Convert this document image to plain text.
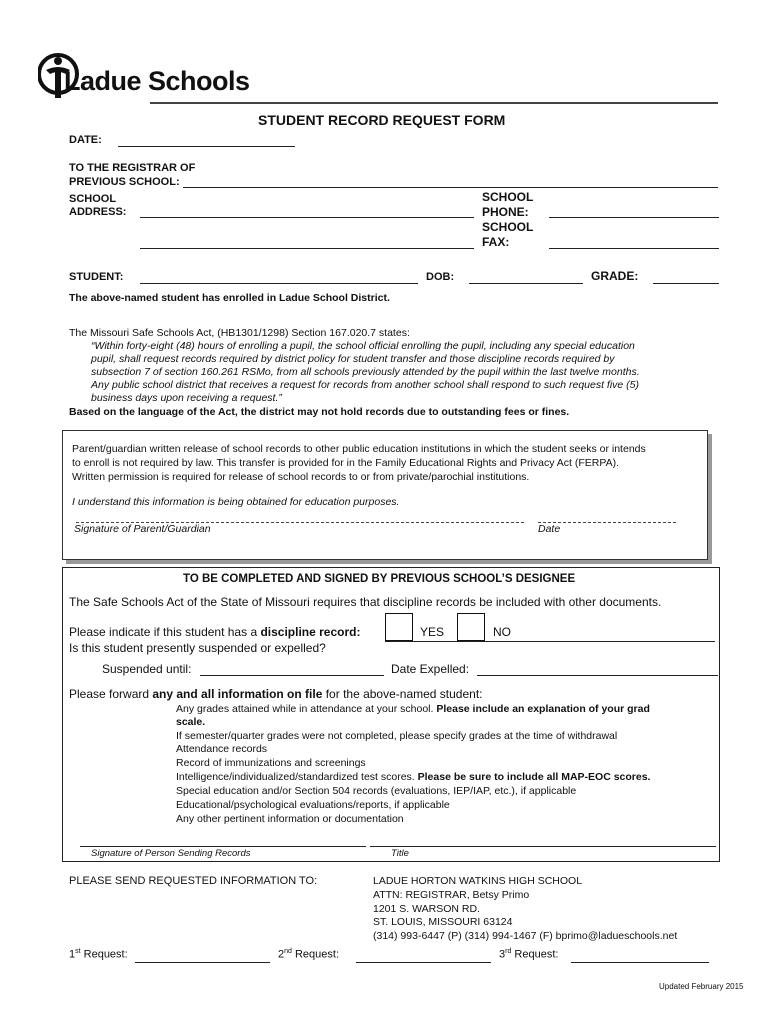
Ladue Schools
STUDENT RECORD REQUEST FORM
DATE:
TO THE REGISTRAR OF
PREVIOUS SCHOOL:
SCHOOL
ADDRESS:
SCHOOL
PHONE:
SCHOOL
FAX:
STUDENT:	DOB:	GRADE:
The above-named student has enrolled in Ladue School District.
The Missouri Safe Schools Act, (HB1301/1298) Section 167.020.7 states:
“Within forty-eight (48) hours of enrolling a pupil, the school official enrolling the pupil, including any special education
pupil, shall request records required by district policy for student transfer and those discipline records required by
subsection 7 of section 160.261 RSMo, from all schools previously attended by the pupil within the last twelve months.
Any public school district that receives a request for records from another school shall respond to such request five (5)
business days upon receiving a request.”
Based on the language of the Act, the district may not hold records due to outstanding fees or fines.
Parent/guardian written release of school records to other public education institutions in which the student seeks or intends
to enroll is not required by law. This transfer is provided for in the Family Educational Rights and Privacy Act (FERPA).
Written permission is required for release of school records to or from private/parochial institutions.
I understand this information is being obtained for education purposes.
Signature of Parent/Guardian	Date
TO BE COMPLETED AND SIGNED BY PREVIOUS SCHOOL’S DESIGNEE
The Safe Schools Act of the State of Missouri requires that discipline records be included with other documents.
Please indicate if this student has a discipline record:	YES	NO
Is this student presently suspended or expelled?
Suspended until:	Date Expelled:
Please forward any and all information on file for the above-named student:
Any grades attained while in attendance at your school. Please include an explanation of your grad
scale.
If semester/quarter grades were not completed, please specify grades at the time of withdrawal
Attendance records
Record of immunizations and screenings
Intelligence/individualized/standardized test scores. Please be sure to include all MAP-EOC scores.
Special education and/or Section 504 records (evaluations, IEP/IAP, etc.), if applicable
Educational/psychological evaluations/reports, if applicable
Any other pertinent information or documentation
Signature of Person Sending Records	Title
PLEASE SEND REQUESTED INFORMATION TO:	LADUE HORTON WATKINS HIGH SCHOOL
ATTN: REGISTRAR, Betsy Primo
1201 S. WARSON RD.
ST. LOUIS, MISSOURI 63124
(314) 993-6447 (P) (314) 994-1467 (F) bprimo@ladueschools.net
1st Request:	2nd Request:	3rd Request:
Updated February 2015
